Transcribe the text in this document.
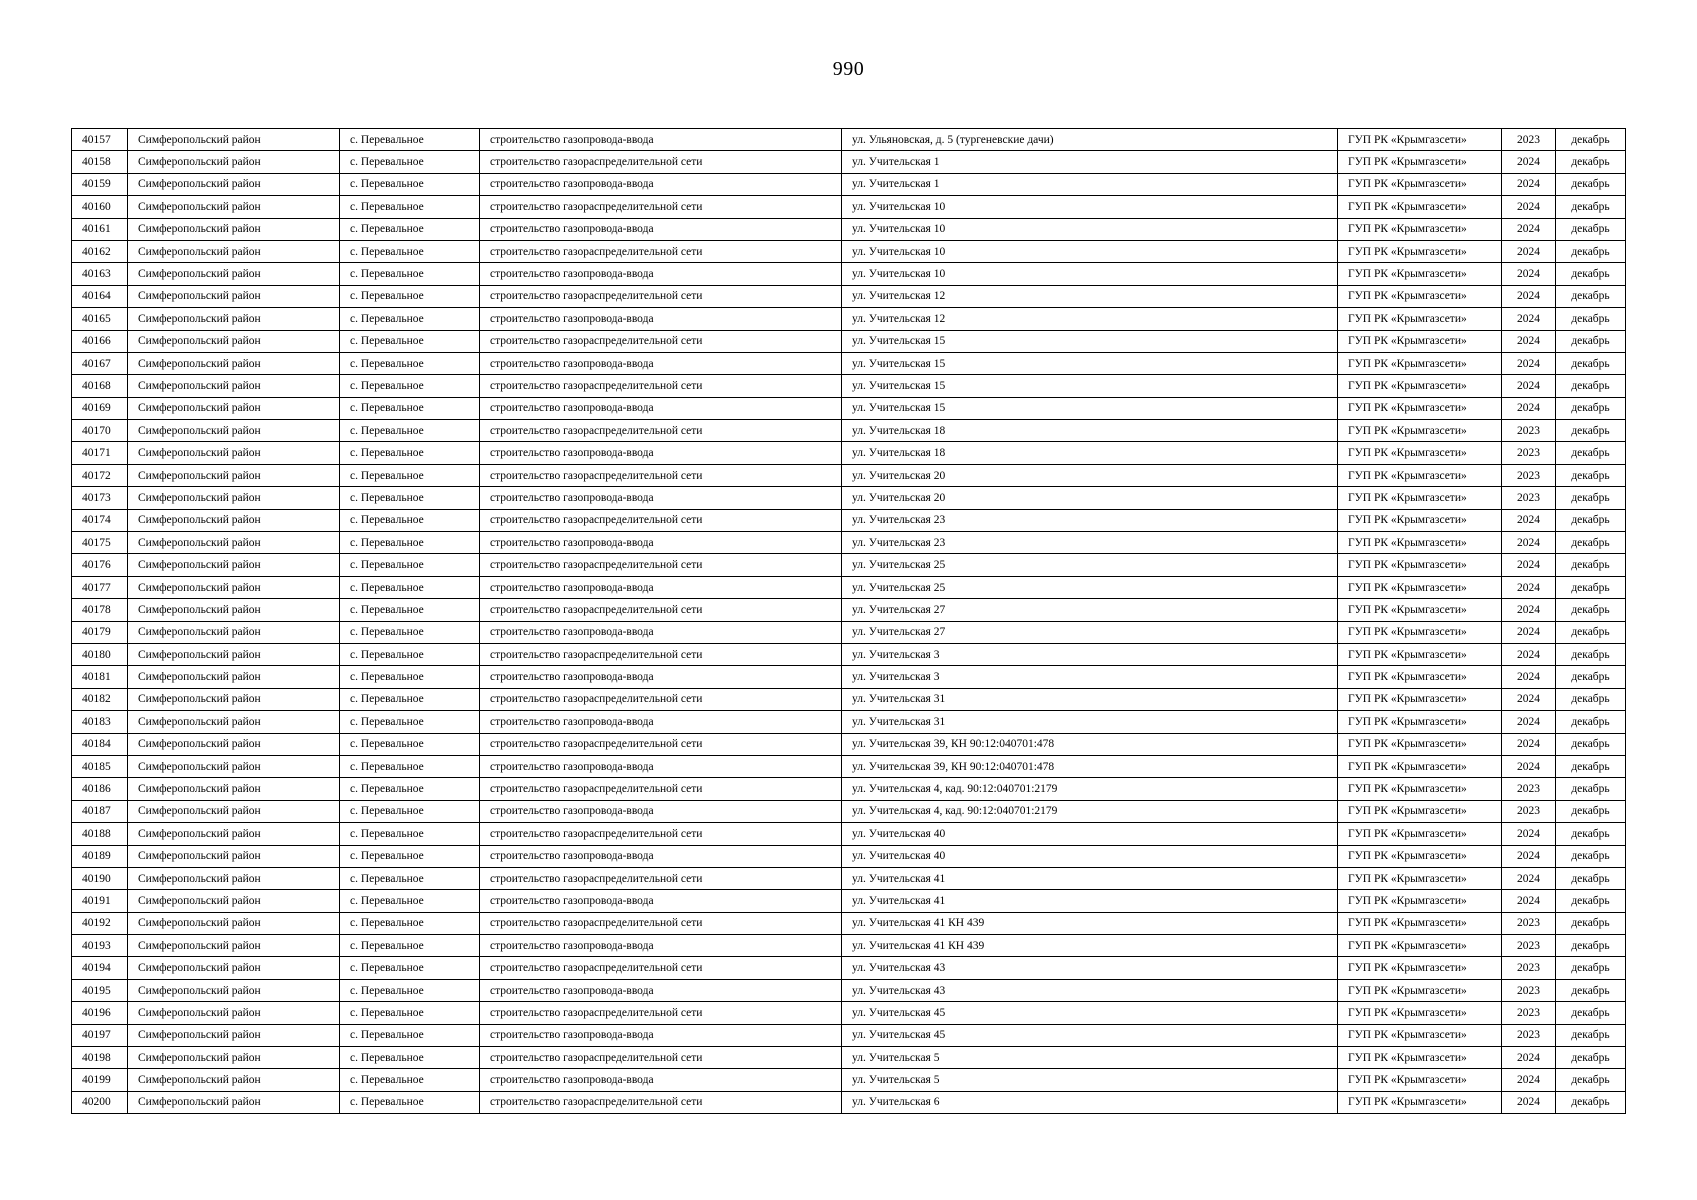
990
40157	Симферопольский район	с. Перевальное	строительство газопровода-ввода	ул. Ульяновская, д. 5 (тургеневские дачи)	ГУП РК «Крымгазсети»	2023	декабрь
40158	Симферопольский район	с. Перевальное	строительство газораспределительной сети	ул. Учительская 1	ГУП РК «Крымгазсети»	2024	декабрь
40159	Симферопольский район	с. Перевальное	строительство газопровода-ввода	ул. Учительская 1	ГУП РК «Крымгазсети»	2024	декабрь
40160	Симферопольский район	с. Перевальное	строительство газораспределительной сети	ул. Учительская 10	ГУП РК «Крымгазсети»	2024	декабрь
40161	Симферопольский район	с. Перевальное	строительство газопровода-ввода	ул. Учительская 10	ГУП РК «Крымгазсети»	2024	декабрь
40162	Симферопольский район	с. Перевальное	строительство газораспределительной сети	ул. Учительская 10	ГУП РК «Крымгазсети»	2024	декабрь
40163	Симферопольский район	с. Перевальное	строительство газопровода-ввода	ул. Учительская 10	ГУП РК «Крымгазсети»	2024	декабрь
40164	Симферопольский район	с. Перевальное	строительство газораспределительной сети	ул. Учительская 12	ГУП РК «Крымгазсети»	2024	декабрь
40165	Симферопольский район	с. Перевальное	строительство газопровода-ввода	ул. Учительская 12	ГУП РК «Крымгазсети»	2024	декабрь
40166	Симферопольский район	с. Перевальное	строительство газораспределительной сети	ул. Учительская 15	ГУП РК «Крымгазсети»	2024	декабрь
40167	Симферопольский район	с. Перевальное	строительство газопровода-ввода	ул. Учительская 15	ГУП РК «Крымгазсети»	2024	декабрь
40168	Симферопольский район	с. Перевальное	строительство газораспределительной сети	ул. Учительская 15	ГУП РК «Крымгазсети»	2024	декабрь
40169	Симферопольский район	с. Перевальное	строительство газопровода-ввода	ул. Учительская 15	ГУП РК «Крымгазсети»	2024	декабрь
40170	Симферопольский район	с. Перевальное	строительство газораспределительной сети	ул. Учительская 18	ГУП РК «Крымгазсети»	2023	декабрь
40171	Симферопольский район	с. Перевальное	строительство газопровода-ввода	ул. Учительская 18	ГУП РК «Крымгазсети»	2023	декабрь
40172	Симферопольский район	с. Перевальное	строительство газораспределительной сети	ул. Учительская 20	ГУП РК «Крымгазсети»	2023	декабрь
40173	Симферопольский район	с. Перевальное	строительство газопровода-ввода	ул. Учительская 20	ГУП РК «Крымгазсети»	2023	декабрь
40174	Симферопольский район	с. Перевальное	строительство газораспределительной сети	ул. Учительская 23	ГУП РК «Крымгазсети»	2024	декабрь
40175	Симферопольский район	с. Перевальное	строительство газопровода-ввода	ул. Учительская 23	ГУП РК «Крымгазсети»	2024	декабрь
40176	Симферопольский район	с. Перевальное	строительство газораспределительной сети	ул. Учительская 25	ГУП РК «Крымгазсети»	2024	декабрь
40177	Симферопольский район	с. Перевальное	строительство газопровода-ввода	ул. Учительская 25	ГУП РК «Крымгазсети»	2024	декабрь
40178	Симферопольский район	с. Перевальное	строительство газораспределительной сети	ул. Учительская 27	ГУП РК «Крымгазсети»	2024	декабрь
40179	Симферопольский район	с. Перевальное	строительство газопровода-ввода	ул. Учительская 27	ГУП РК «Крымгазсети»	2024	декабрь
40180	Симферопольский район	с. Перевальное	строительство газораспределительной сети	ул. Учительская 3	ГУП РК «Крымгазсети»	2024	декабрь
40181	Симферопольский район	с. Перевальное	строительство газопровода-ввода	ул. Учительская 3	ГУП РК «Крымгазсети»	2024	декабрь
40182	Симферопольский район	с. Перевальное	строительство газораспределительной сети	ул. Учительская 31	ГУП РК «Крымгазсети»	2024	декабрь
40183	Симферопольский район	с. Перевальное	строительство газопровода-ввода	ул. Учительская 31	ГУП РК «Крымгазсети»	2024	декабрь
40184	Симферопольский район	с. Перевальное	строительство газораспределительной сети	ул. Учительская 39, КН 90:12:040701:478	ГУП РК «Крымгазсети»	2024	декабрь
40185	Симферопольский район	с. Перевальное	строительство газопровода-ввода	ул. Учительская 39, КН 90:12:040701:478	ГУП РК «Крымгазсети»	2024	декабрь
40186	Симферопольский район	с. Перевальное	строительство газораспределительной сети	ул. Учительская 4, кад. 90:12:040701:2179	ГУП РК «Крымгазсети»	2023	декабрь
40187	Симферопольский район	с. Перевальное	строительство газопровода-ввода	ул. Учительская 4, кад. 90:12:040701:2179	ГУП РК «Крымгазсети»	2023	декабрь
40188	Симферопольский район	с. Перевальное	строительство газораспределительной сети	ул. Учительская 40	ГУП РК «Крымгазсети»	2024	декабрь
40189	Симферопольский район	с. Перевальное	строительство газопровода-ввода	ул. Учительская 40	ГУП РК «Крымгазсети»	2024	декабрь
40190	Симферопольский район	с. Перевальное	строительство газораспределительной сети	ул. Учительская 41	ГУП РК «Крымгазсети»	2024	декабрь
40191	Симферопольский район	с. Перевальное	строительство газопровода-ввода	ул. Учительская 41	ГУП РК «Крымгазсети»	2024	декабрь
40192	Симферопольский район	с. Перевальное	строительство газораспределительной сети	ул. Учительская 41 КН 439	ГУП РК «Крымгазсети»	2023	декабрь
40193	Симферопольский район	с. Перевальное	строительство газопровода-ввода	ул. Учительская 41 КН 439	ГУП РК «Крымгазсети»	2023	декабрь
40194	Симферопольский район	с. Перевальное	строительство газораспределительной сети	ул. Учительская 43	ГУП РК «Крымгазсети»	2023	декабрь
40195	Симферопольский район	с. Перевальное	строительство газопровода-ввода	ул. Учительская 43	ГУП РК «Крымгазсети»	2023	декабрь
40196	Симферопольский район	с. Перевальное	строительство газораспределительной сети	ул. Учительская 45	ГУП РК «Крымгазсети»	2023	декабрь
40197	Симферопольский район	с. Перевальное	строительство газопровода-ввода	ул. Учительская 45	ГУП РК «Крымгазсети»	2023	декабрь
40198	Симферопольский район	с. Перевальное	строительство газораспределительной сети	ул. Учительская 5	ГУП РК «Крымгазсети»	2024	декабрь
40199	Симферопольский район	с. Перевальное	строительство газопровода-ввода	ул. Учительская 5	ГУП РК «Крымгазсети»	2024	декабрь
40200	Симферопольский район	с. Перевальное	строительство газораспределительной сети	ул. Учительская 6	ГУП РК «Крымгазсети»	2024	декабрь
